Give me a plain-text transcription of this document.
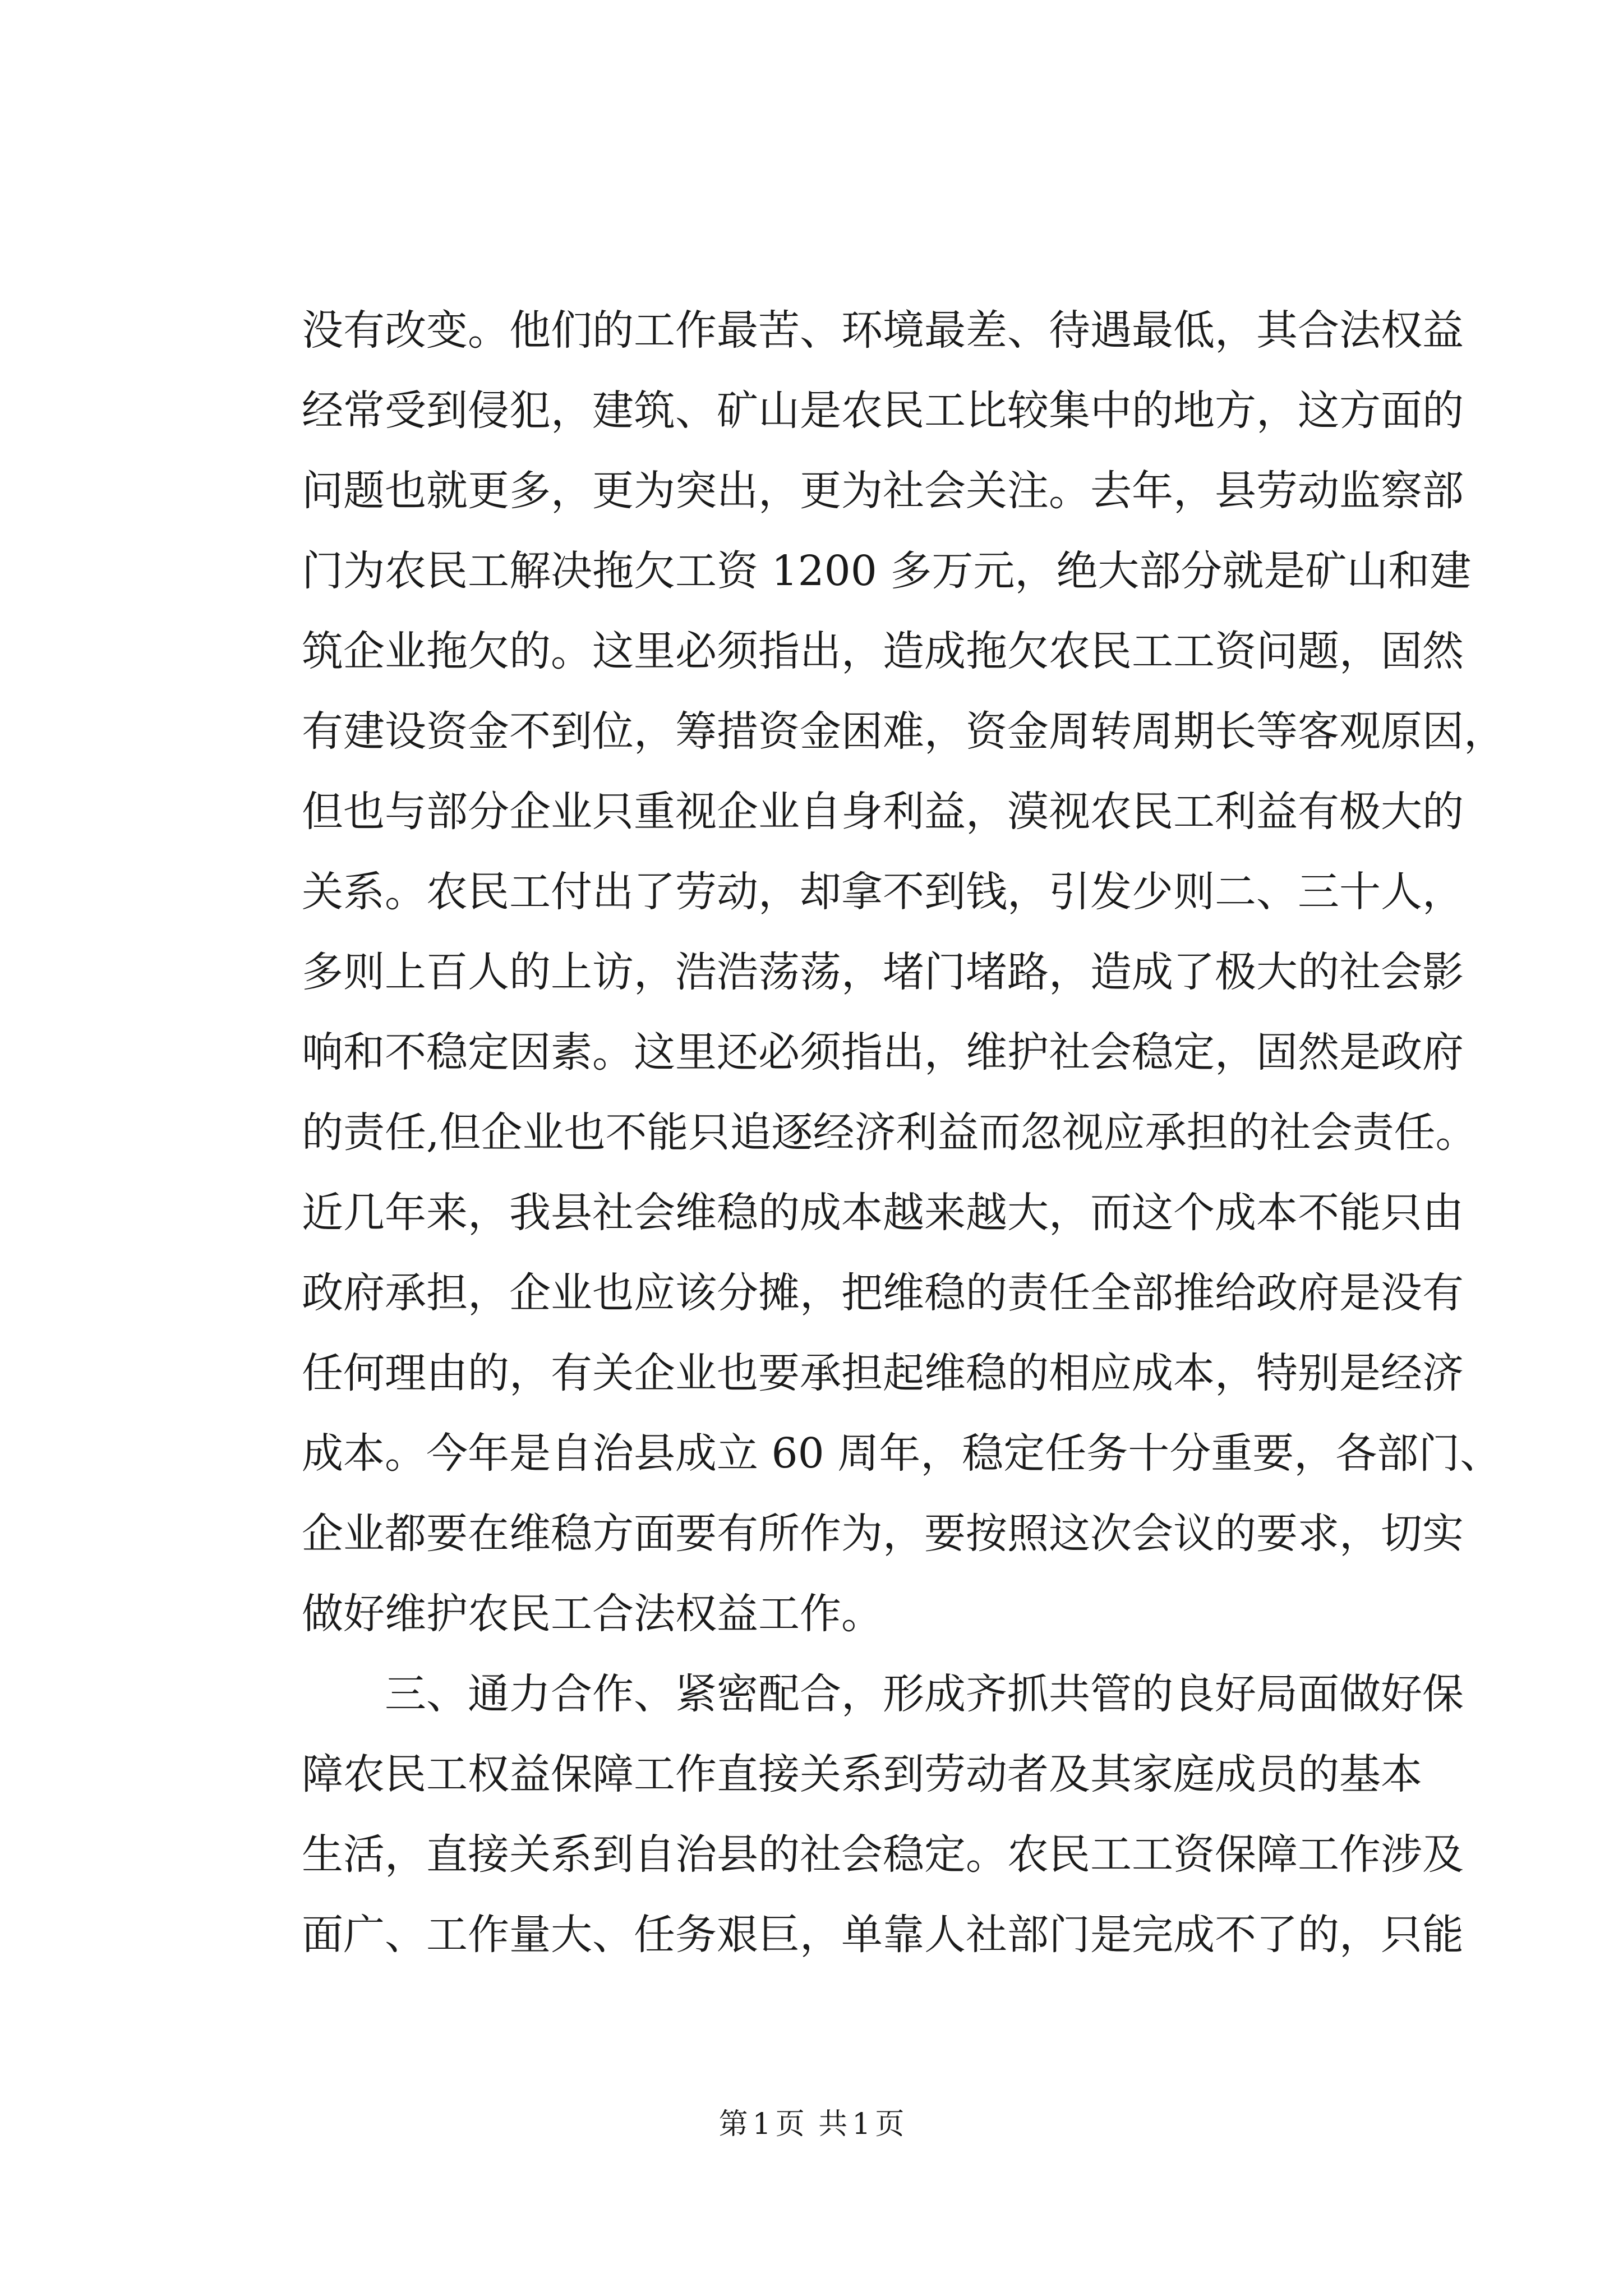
没有改变。他们的工作最苦、环境最差、待遇最低，其合法权益
经常受到侵犯，建筑、矿山是农民工比较集中的地方，这方面的
问题也就更多，更为突出，更为社会关注。去年，县劳动监察部
门为农民工解决拖欠工资 1200 多万元，绝大部分就是矿山和建
筑企业拖欠的。这里必须指出，造成拖欠农民工工资问题，固然
有建设资金不到位，筹措资金困难，资金周转周期长等客观原因，
但也与部分企业只重视企业自身利益，漠视农民工利益有极大的
关系。农民工付出了劳动，却拿不到钱，引发少则二、三十人，
多则上百人的上访，浩浩荡荡，堵门堵路，造成了极大的社会影
响和不稳定因素。这里还必须指出，维护社会稳定，固然是政府
的责任,但企业也不能只追逐经济利益而忽视应承担的社会责任。
近几年来，我县社会维稳的成本越来越大，而这个成本不能只由
政府承担，企业也应该分摊，把维稳的责任全部推给政府是没有
任何理由的，有关企业也要承担起维稳的相应成本，特别是经济
成本。今年是自治县成立 60 周年，稳定任务十分重要，各部门、
企业都要在维稳方面要有所作为，要按照这次会议的要求，切实
做好维护农民工合法权益工作。
三、通力合作、紧密配合，形成齐抓共管的良好局面做好保
障农民工权益保障工作直接关系到劳动者及其家庭成员的基本
生活，直接关系到自治县的社会稳定。农民工工资保障工作涉及
面广、工作量大、任务艰巨，单靠人社部门是完成不了的，只能
第 1 页 共 1 页
